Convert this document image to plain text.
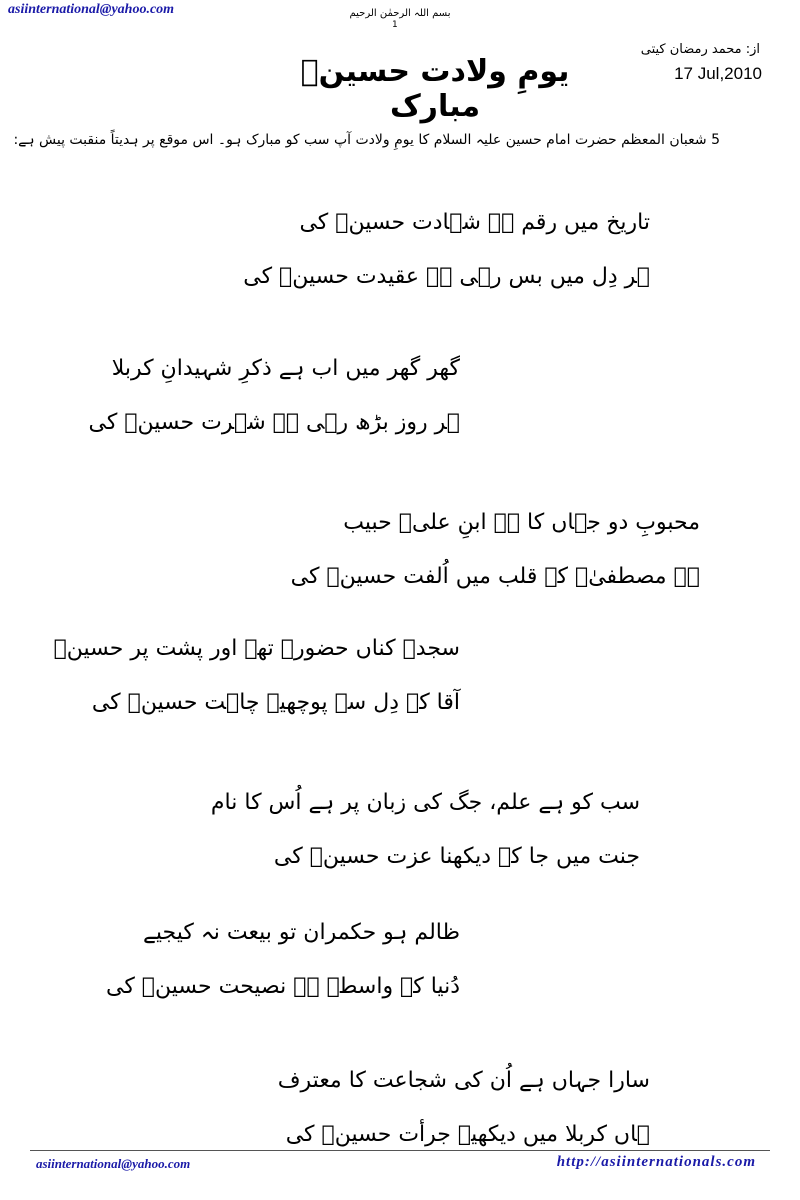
asiinternational@yahoo.com	بسم اللہ الرحمٰن الرحیم
1
یومِ ولادت حسینؑ مبارک
از: محمد رمضان کیتی
17 Jul,2010
5 شعبان المعظم حضرت امام حسین علیہ السلام کا یومِ ولادت آپ سب کو مبارک ہو۔ اس موقع پر ہدیتاً منقبت پیش ہے:
تاریخ میں رقم ہے شہادت حسینؑ کی
ہر دِل میں بس رہی ہے عقیدت حسینؑ کی
گھر گھر میں اب ہے ذکرِ شہیدانِ کربلا
ہر روز بڑھ رہی ہے شہرت حسینؑ کی
محبوبِ دو جہاں کا ہے ابنِ علیؑ حبیب
ہے مصطفیٰؐ کے قلب میں اُلفت حسینؑ کی
سجدہ کناں حضورؐ تھے اور پشت پر حسینؑ
آقا کے دِل سے پوچھیے چاہت حسینؑ کی
سب کو ہے علم، جگ کی زبان پر ہے اُس کا نام
جنت میں جا کے دیکھنا عزت حسینؑ کی
ظالم ہو حکمران تو بیعت نہ کیجیے
دُنیا کے واسطے ہے نصیحت حسینؑ کی
سارا جہاں ہے اُن کی شجاعت کا معترف
ہاں کربلا میں دیکھیے جرأت حسینؑ کی
asiinternational@yahoo.com	http://asiinternationals.com
